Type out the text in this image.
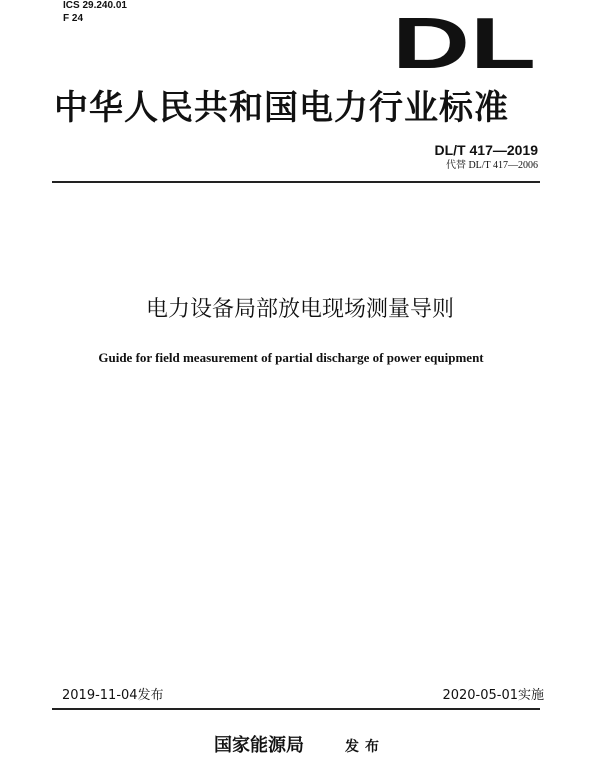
ICS 29.240.01
F 24	DL
中华人民共和国电力行业标准
DL/T 417—2019
代替 DL/T 417—2006
电力设备局部放电现场测量导则
Guide for field measurement of partial discharge of power equipment
2019-11-04发布	2020-05-01实施
国家能源局	发布
